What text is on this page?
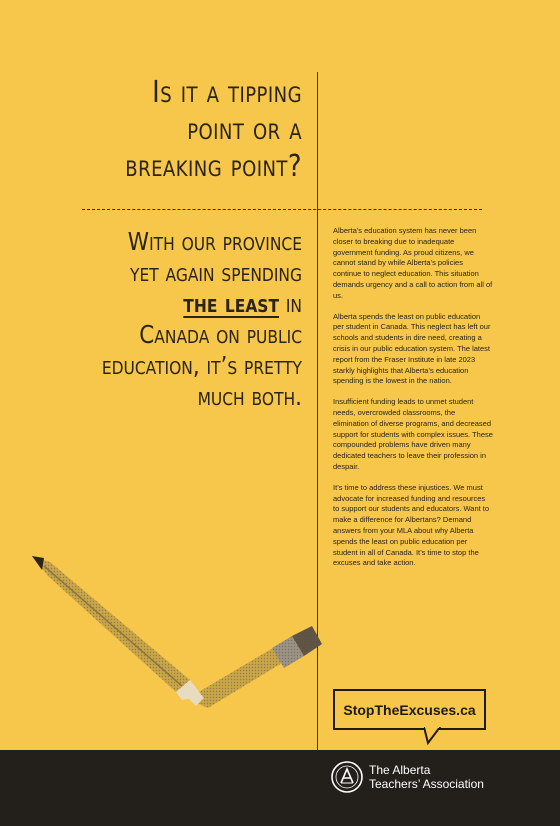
Is it a tipping
point or a
breaking point?
With our province
yet again spending
the least in
Canada on public
education, it’s pretty
much both.

Alberta’s education system has never been closer to breaking due to inadequate government funding. As proud citizens, we cannot stand by while Alberta’s policies continue to neglect education. This situation demands urgency and a call to action from all of us.

Alberta spends the least on public education per student in Canada. This neglect has left our schools and students in dire need, creating a crisis in our public education system. The latest report from the Fraser Institute in late 2023 starkly highlights that Alberta’s education spending is the lowest in the nation.

Insufficient funding leads to unmet student needs, overcrowded classrooms, the elimination of diverse programs, and decreased support for students with complex issues. These compounded problems have driven many dedicated teachers to leave their profession in despair.

It’s time to address these injustices. We must advocate for increased funding and resources to support our students and educators. Want to make a difference for Albertans? Demand answers from your MLA about why Alberta spends the least on public education per student in all of Canada. It’s time to stop the excuses and take action.

StopTheExcuses.ca
The Alberta
Teachers’ Association
